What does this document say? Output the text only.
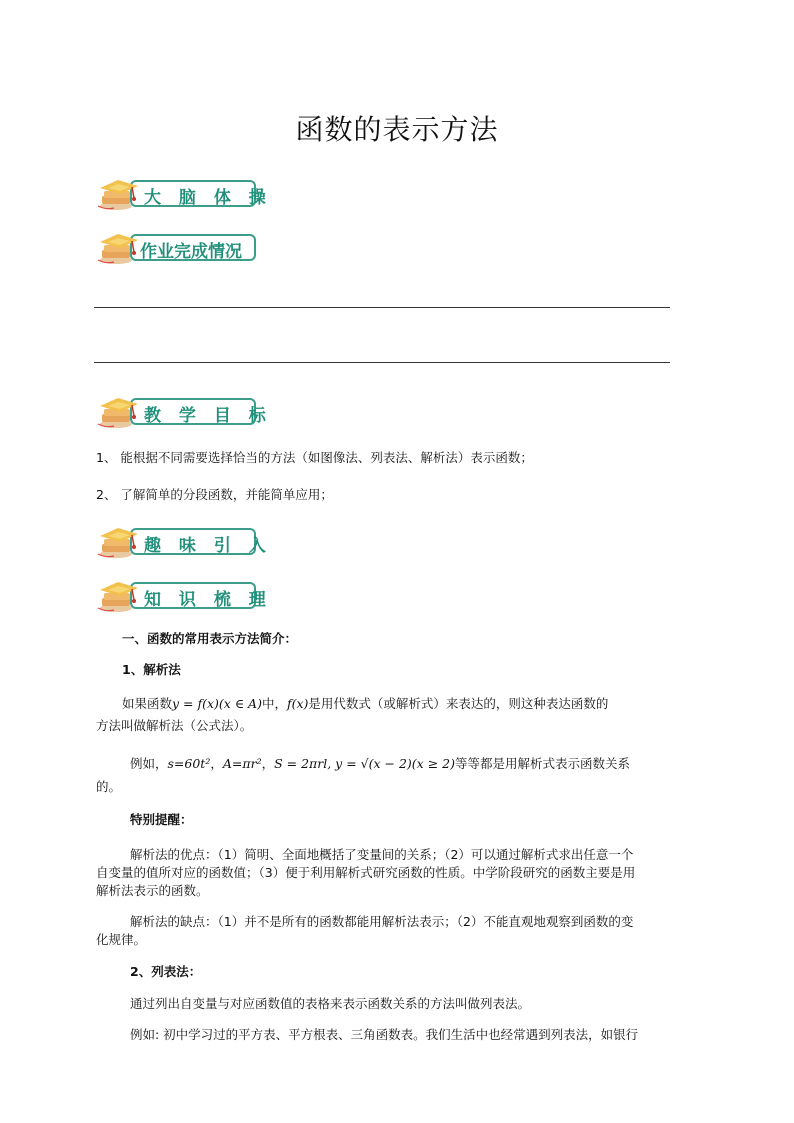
函数的表示方法
大 脑 体 操
作业完成情况
教 学 目 标
1、 能根据不同需要选择恰当的方法（如图像法、列表法、解析法）表示函数；
2、 了解简单的分段函数，并能简单应用；
趣 味 引 入
知 识 梳 理
一、函数的常用表示方法简介：
1、解析法
如果函数y = f(x)(x ∈ A)中，f(x)是用代数式（或解析式）来表达的，则这种表达函数的
方法叫做解析法（公式法）。
例如，s=60t²，A=πr²，S = 2πrl, y = √(x − 2)(x ≥ 2)等等都是用解析式表示函数关系
的。
特别提醒：
解析法的优点：（1）简明、全面地概括了变量间的关系；（2）可以通过解析式求出任意一个
自变量的值所对应的函数值；（3）便于利用解析式研究函数的性质。中学阶段研究的函数主要是用
解析法表示的函数。
解析法的缺点：（1）并不是所有的函数都能用解析法表示；（2）不能直观地观察到函数的变
化规律。
2、列表法：
通过列出自变量与对应函数值的表格来表示函数关系的方法叫做列表法。
例如: 初中学习过的平方表、平方根表、三角函数表。我们生活中也经常遇到列表法，如银行
